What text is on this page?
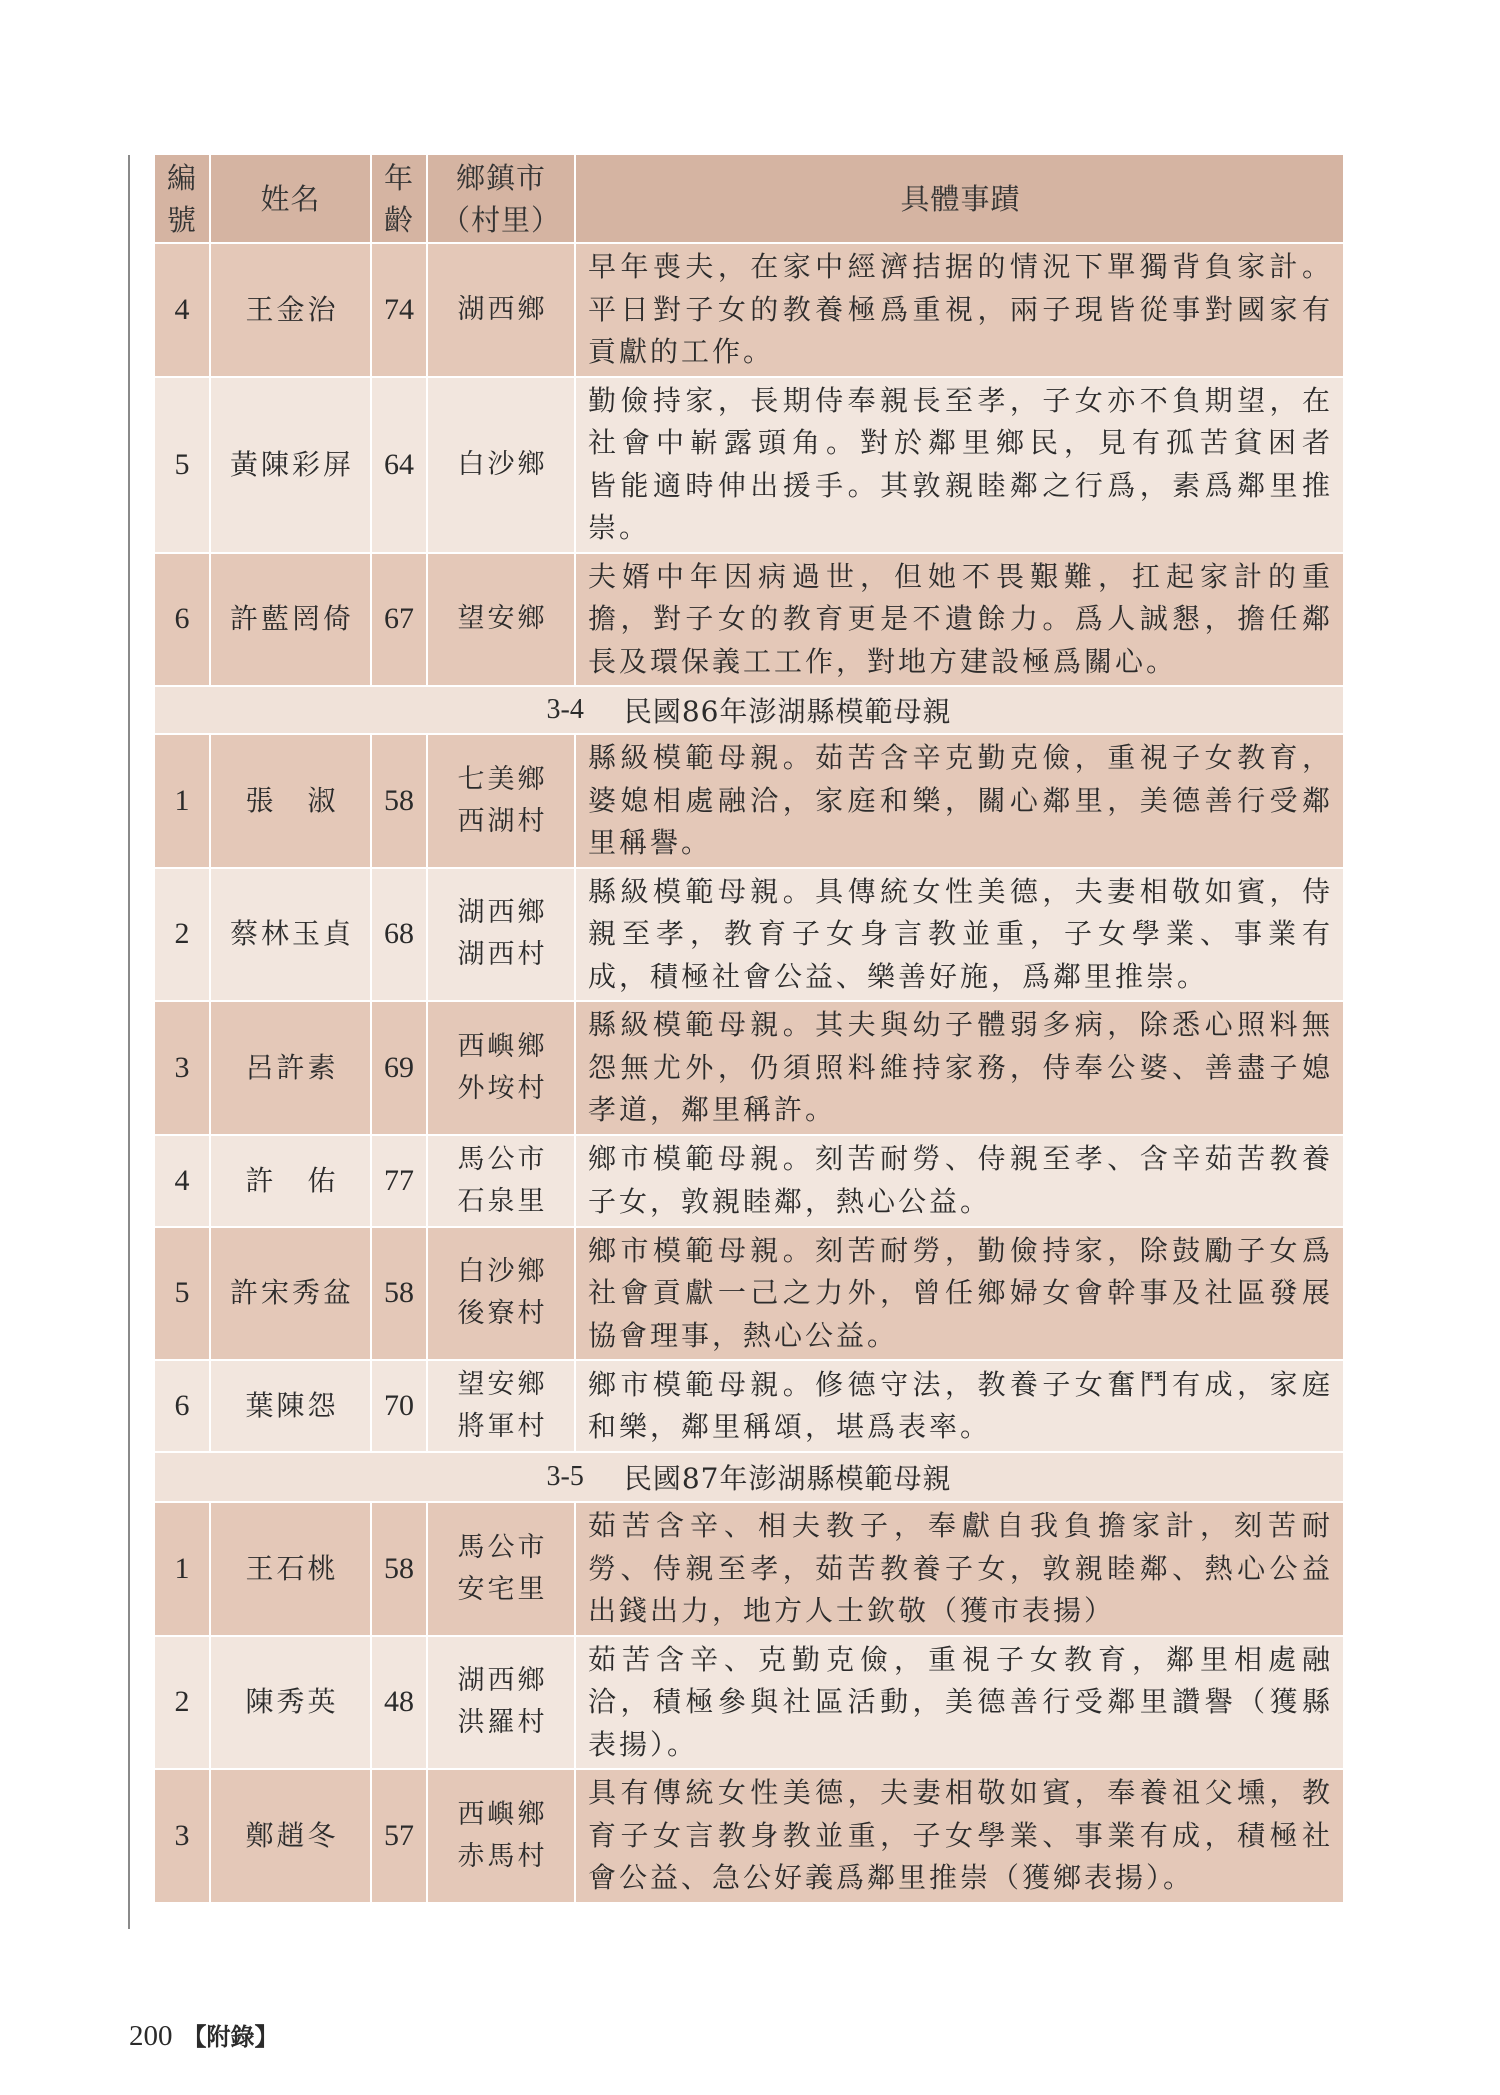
編
號
姓名
年
齡
鄉鎮市
（村里）
具體事蹟
4 王金治 74 湖西鄉
早年喪夫，在家中經濟拮据的情況下單獨背負家計。
平日對子女的教養極爲重視，兩子現皆從事對國家有
貢獻的工作。
5 黃陳彩屏 64 白沙鄉
勤儉持家，長期侍奉親長至孝，子女亦不負期望，在
社會中嶄露頭角。對於鄰里鄉民，見有孤苦貧困者
皆能適時伸出援手。其敦親睦鄰之行爲，素爲鄰里推
崇。
6 許藍罔倚 67 望安鄉
夫婿中年因病過世，但她不畏艱難，扛起家計的重
擔，對子女的教育更是不遺餘力。爲人誠懇，擔任鄰
長及環保義工工作，對地方建設極爲關心。
3-4 民國86年澎湖縣模範母親
1 張　淑 58
七美鄉
西湖村
縣級模範母親。茹苦含辛克勤克儉，重視子女教育，
婆媳相處融洽，家庭和樂，關心鄰里，美德善行受鄰
里稱譽。
2 蔡林玉貞 68
湖西鄉
湖西村
縣級模範母親。具傳統女性美德，夫妻相敬如賓，侍
親至孝，教育子女身言教並重，子女學業、事業有
成，積極社會公益、樂善好施，爲鄰里推崇。
3 呂許素 69
西嶼鄉
外垵村
縣級模範母親。其夫與幼子體弱多病，除悉心照料無
怨無尤外，仍須照料維持家務，侍奉公婆、善盡子媳
孝道，鄰里稱許。
4 許　佑 77
馬公市
石泉里
鄉市模範母親。刻苦耐勞、侍親至孝、含辛茹苦教養
子女，敦親睦鄰，熱心公益。
5 許宋秀盆 58
白沙鄉
後寮村
鄉市模範母親。刻苦耐勞，勤儉持家，除鼓勵子女爲
社會貢獻一己之力外，曾任鄉婦女會幹事及社區發展
協會理事，熱心公益。
6 葉陳怨 70
望安鄉
將軍村
鄉市模範母親。修德守法，教養子女奮鬥有成，家庭
和樂，鄰里稱頌，堪爲表率。
3-5 民國87年澎湖縣模範母親
1 王石桃 58
馬公市
安宅里
茹苦含辛、相夫教子，奉獻自我負擔家計，刻苦耐
勞、侍親至孝，茹苦教養子女，敦親睦鄰、熱心公益
出錢出力，地方人士欽敬（獲市表揚）
2 陳秀英 48
湖西鄉
洪羅村
茹苦含辛、克勤克儉，重視子女教育，鄰里相處融
洽，積極參與社區活動，美德善行受鄰里讚譽（獲縣
表揚）。
3 鄭趙冬 57
西嶼鄉
赤馬村
具有傳統女性美德，夫妻相敬如賓，奉養祖父壎，教
育子女言教身教並重，子女學業、事業有成，積極社
會公益、急公好義爲鄰里推崇（獲鄉表揚）。
200 【附錄】
